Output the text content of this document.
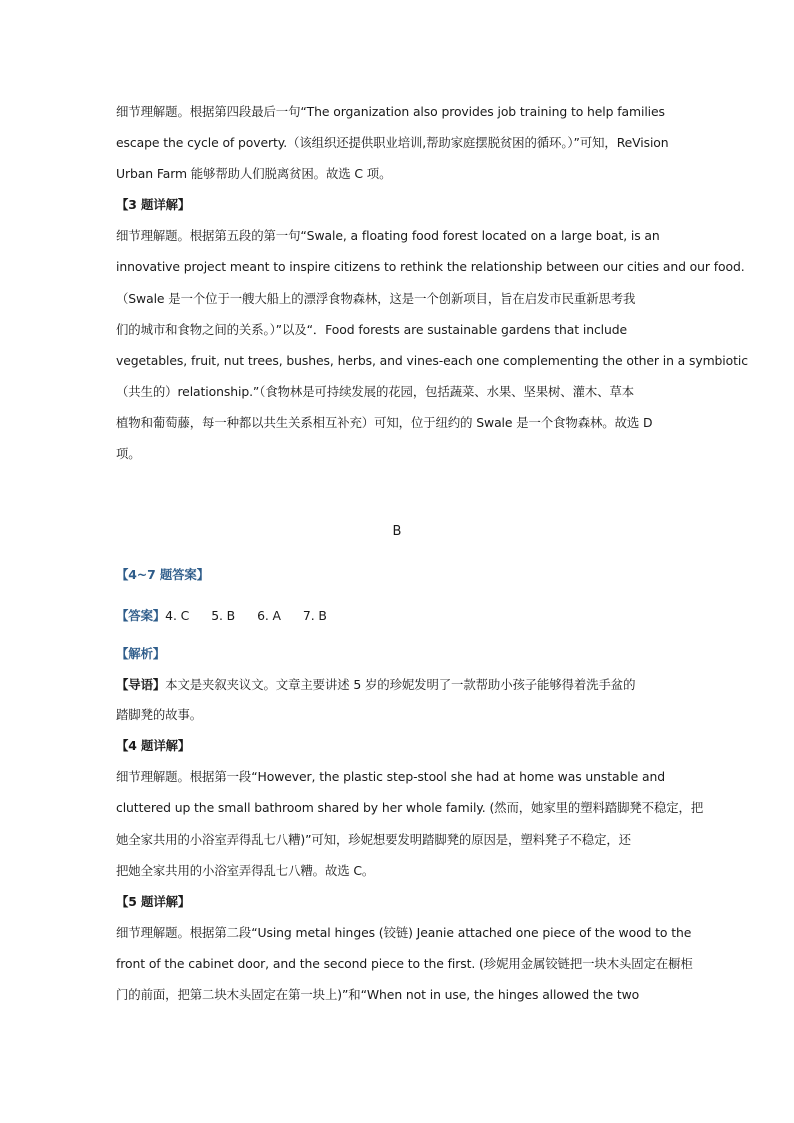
细节理解题。根据第四段最后一句“The organization also provides job training to help families
escape the cycle of poverty.（该组织还提供职业培训,帮助家庭摆脱贫困的循环。）”可知，ReVision
Urban Farm 能够帮助人们脱离贫困。故选 C 项。
【3 题详解】
细节理解题。根据第五段的第一句“Swale, a floating food forest located on a large boat, is an
innovative project meant to inspire citizens to rethink the relationship between our cities and our food.
（Swale 是一个位于一艘大船上的漂浮食物森林，这是一个创新项目，旨在启发市民重新思考我
们的城市和食物之间的关系。）”以及“．Food forests are sustainable gardens that include
vegetables, fruit, nut trees, bushes, herbs, and vines-each one complementing the other in a symbiotic
（共生的）relationship.”（食物林是可持续发展的花园，包括蔬菜、水果、坚果树、灌木、草本
植物和葡萄藤，每一种都以共生关系相互补充）可知，位于纽约的 Swale 是一个食物森林。故选 D
项。
B
【4~7 题答案】
【答案】4. C 5. B 6. A 7. B
【解析】
【导语】本文是夹叙夹议文。文章主要讲述 5 岁的珍妮发明了一款帮助小孩子能够得着洗手盆的
踏脚凳的故事。
【4 题详解】
细节理解题。根据第一段“However, the plastic step-stool she had at home was unstable and
cluttered up the small bathroom shared by her whole family. (然而，她家里的塑料踏脚凳不稳定，把
她全家共用的小浴室弄得乱七八糟)”可知，珍妮想要发明踏脚凳的原因是，塑料凳子不稳定，还
把她全家共用的小浴室弄得乱七八糟。故选 C。
【5 题详解】
细节理解题。根据第二段“Using metal hinges (铰链) Jeanie attached one piece of the wood to the
front of the cabinet door, and the second piece to the first. (珍妮用金属铰链把一块木头固定在橱柜
门的前面，把第二块木头固定在第一块上)”和“When not in use, the hinges allowed the two
